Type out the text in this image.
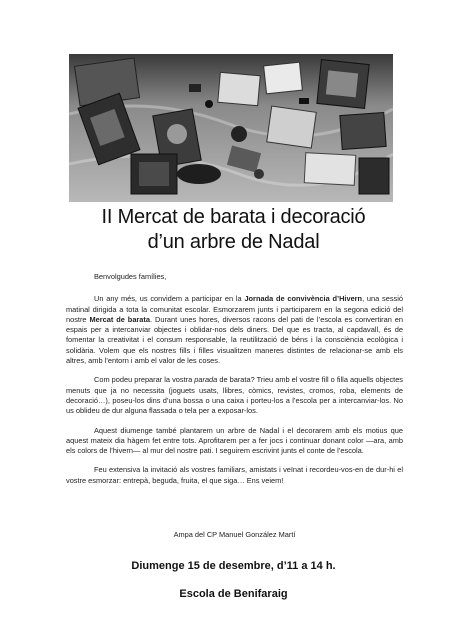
II Mercat de barata i decoració
d’un arbre de Nadal

Benvolgudes famílies,

Un any més, us convidem a participar en la Jornada de convivència d’Hivern, una sessió matinal dirigida a tota la comunitat escolar. Esmorzarem junts i participarem en la segona edició del nostre Mercat de barata. Durant unes hores, diversos racons del pati de l’escola es convertiran en espais per a intercanviar objectes i oblidar-nos dels diners. Del que es tracta, al capdavall, és de fomentar la creativitat i el consum responsable, la reutilització de béns i la consciència ecològica i solidària. Volem que els nostres fills i filles visualitzen maneres distintes de relacionar-se amb els altres, amb l’entorn i amb el valor de les coses.

Com podeu preparar la vostra parada de barata? Trieu amb el vostre fill o filla aquells objectes menuts que ja no necessita (joguets usats, llibres, còmics, revistes, cromos, roba, elements de decoració…), poseu-los dins d’una bossa o una caixa i porteu-los a l’escola per a intercanviar-los. No us oblideu de dur alguna flassada o tela per a exposar-los.

Aquest diumenge també plantarem un arbre de Nadal i el decorarem amb els motius que aquest mateix dia hàgem fet entre tots. Aprofitarem per a fer jocs i continuar donant color —ara, amb els colors de l’hivern— al mur del nostre pati. I seguirem escrivint junts el conte de l’escola.

Feu extensiva la invitació als vostres familiars, amistats i veïnat i recordeu-vos-en de dur-hi el vostre esmorzar: entrepà, beguda, fruita, el que siga… Ens veiem!

Ampa del CP Manuel González Martí
Diumenge 15 de desembre, d’11 a 14 h.
Escola de Benifaraig
